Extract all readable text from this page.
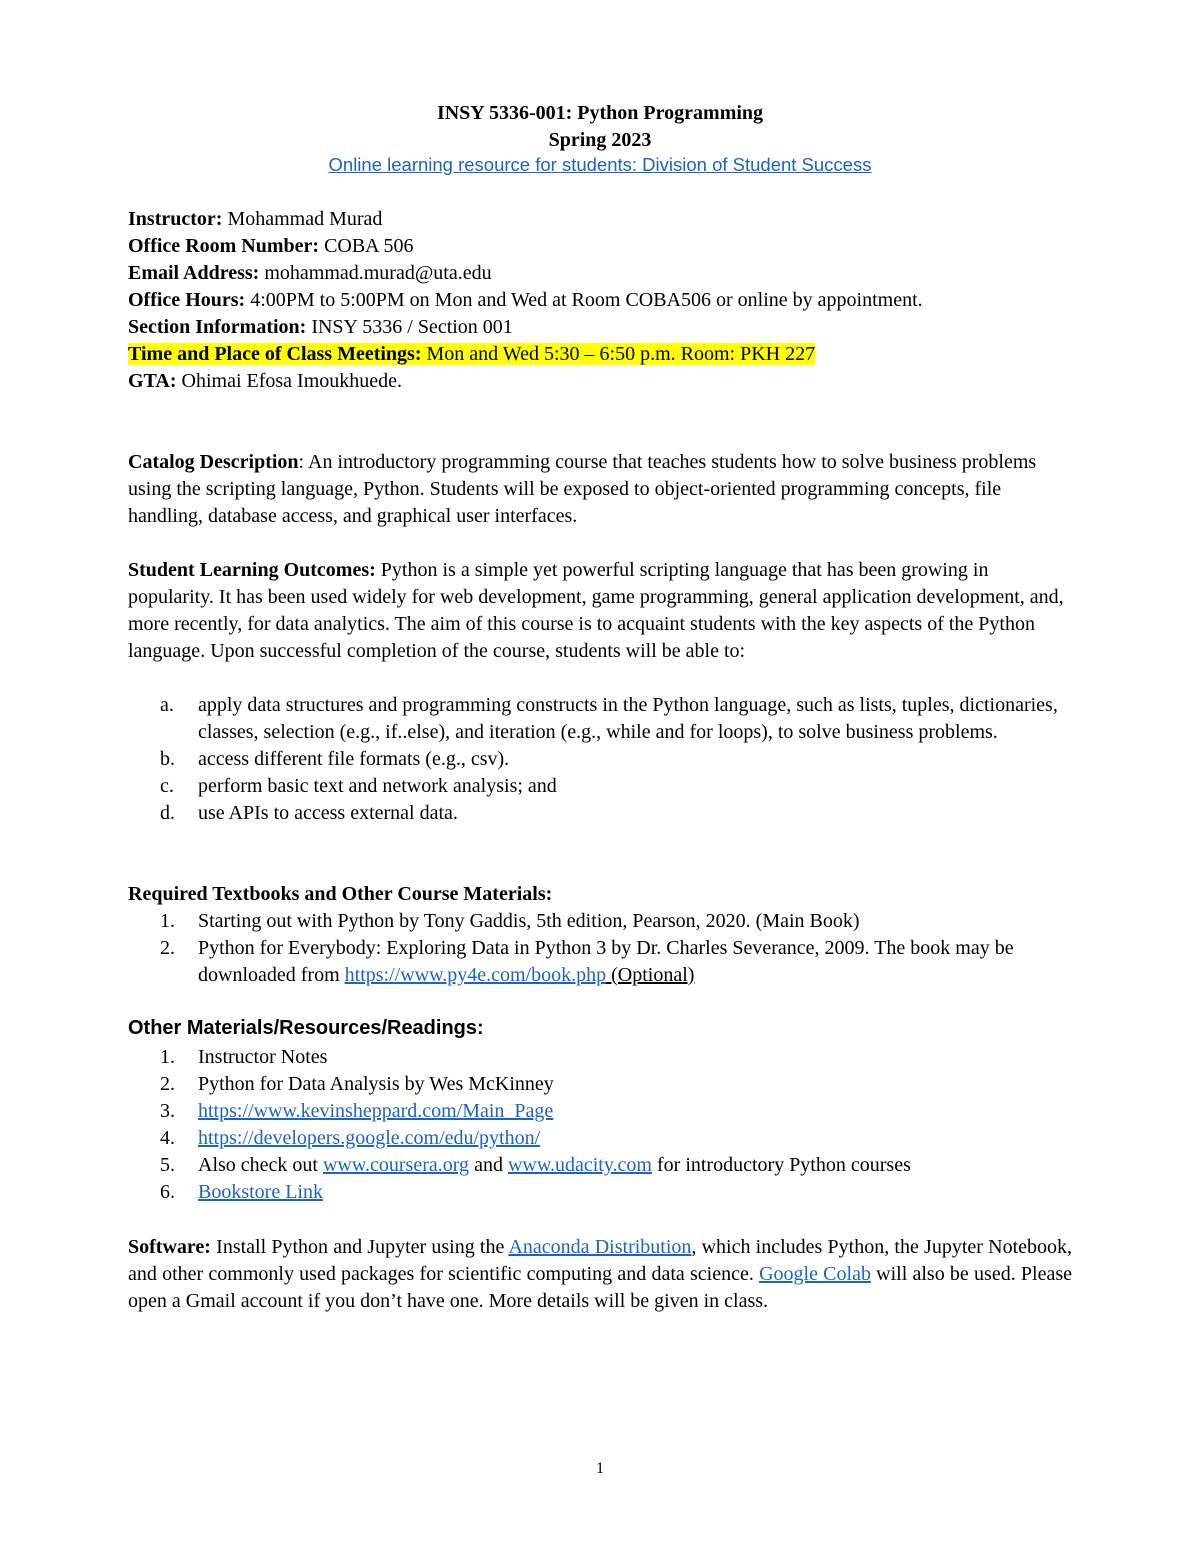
INSY 5336-001: Python Programming
Spring 2023
Online learning resource for students: Division of Student Success
Instructor: Mohammad Murad
Office Room Number: COBA 506
Email Address: mohammad.murad@uta.edu
Office Hours: 4:00PM to 5:00PM on Mon and Wed at Room COBA506 or online by appointment.
Section Information: INSY 5336 / Section 001
Time and Place of Class Meetings: Mon and Wed 5:30 – 6:50 p.m. Room: PKH 227
GTA: Ohimai Efosa Imoukhuede.
Catalog Description: An introductory programming course that teaches students how to solve business problems using the scripting language, Python. Students will be exposed to object-oriented programming concepts, file handling, database access, and graphical user interfaces.
Student Learning Outcomes: Python is a simple yet powerful scripting language that has been growing in popularity. It has been used widely for web development, game programming, general application development, and, more recently, for data analytics. The aim of this course is to acquaint students with the key aspects of the Python language. Upon successful completion of the course, students will be able to:
a. apply data structures and programming constructs in the Python language, such as lists, tuples, dictionaries, classes, selection (e.g., if..else), and iteration (e.g., while and for loops), to solve business problems.
b. access different file formats (e.g., csv).
c. perform basic text and network analysis; and
d. use APIs to access external data.
Required Textbooks and Other Course Materials:
1. Starting out with Python by Tony Gaddis, 5th edition, Pearson, 2020. (Main Book)
2. Python for Everybody: Exploring Data in Python 3 by Dr. Charles Severance, 2009. The book may be downloaded from https://www.py4e.com/book.php (Optional)
Other Materials/Resources/Readings:
1. Instructor Notes
2. Python for Data Analysis by Wes McKinney
3. https://www.kevinsheppard.com/Main_Page
4. https://developers.google.com/edu/python/
5. Also check out www.coursera.org and www.udacity.com for introductory Python courses
6. Bookstore Link
Software: Install Python and Jupyter using the Anaconda Distribution, which includes Python, the Jupyter Notebook, and other commonly used packages for scientific computing and data science. Google Colab will also be used. Please open a Gmail account if you don’t have one. More details will be given in class.
1
